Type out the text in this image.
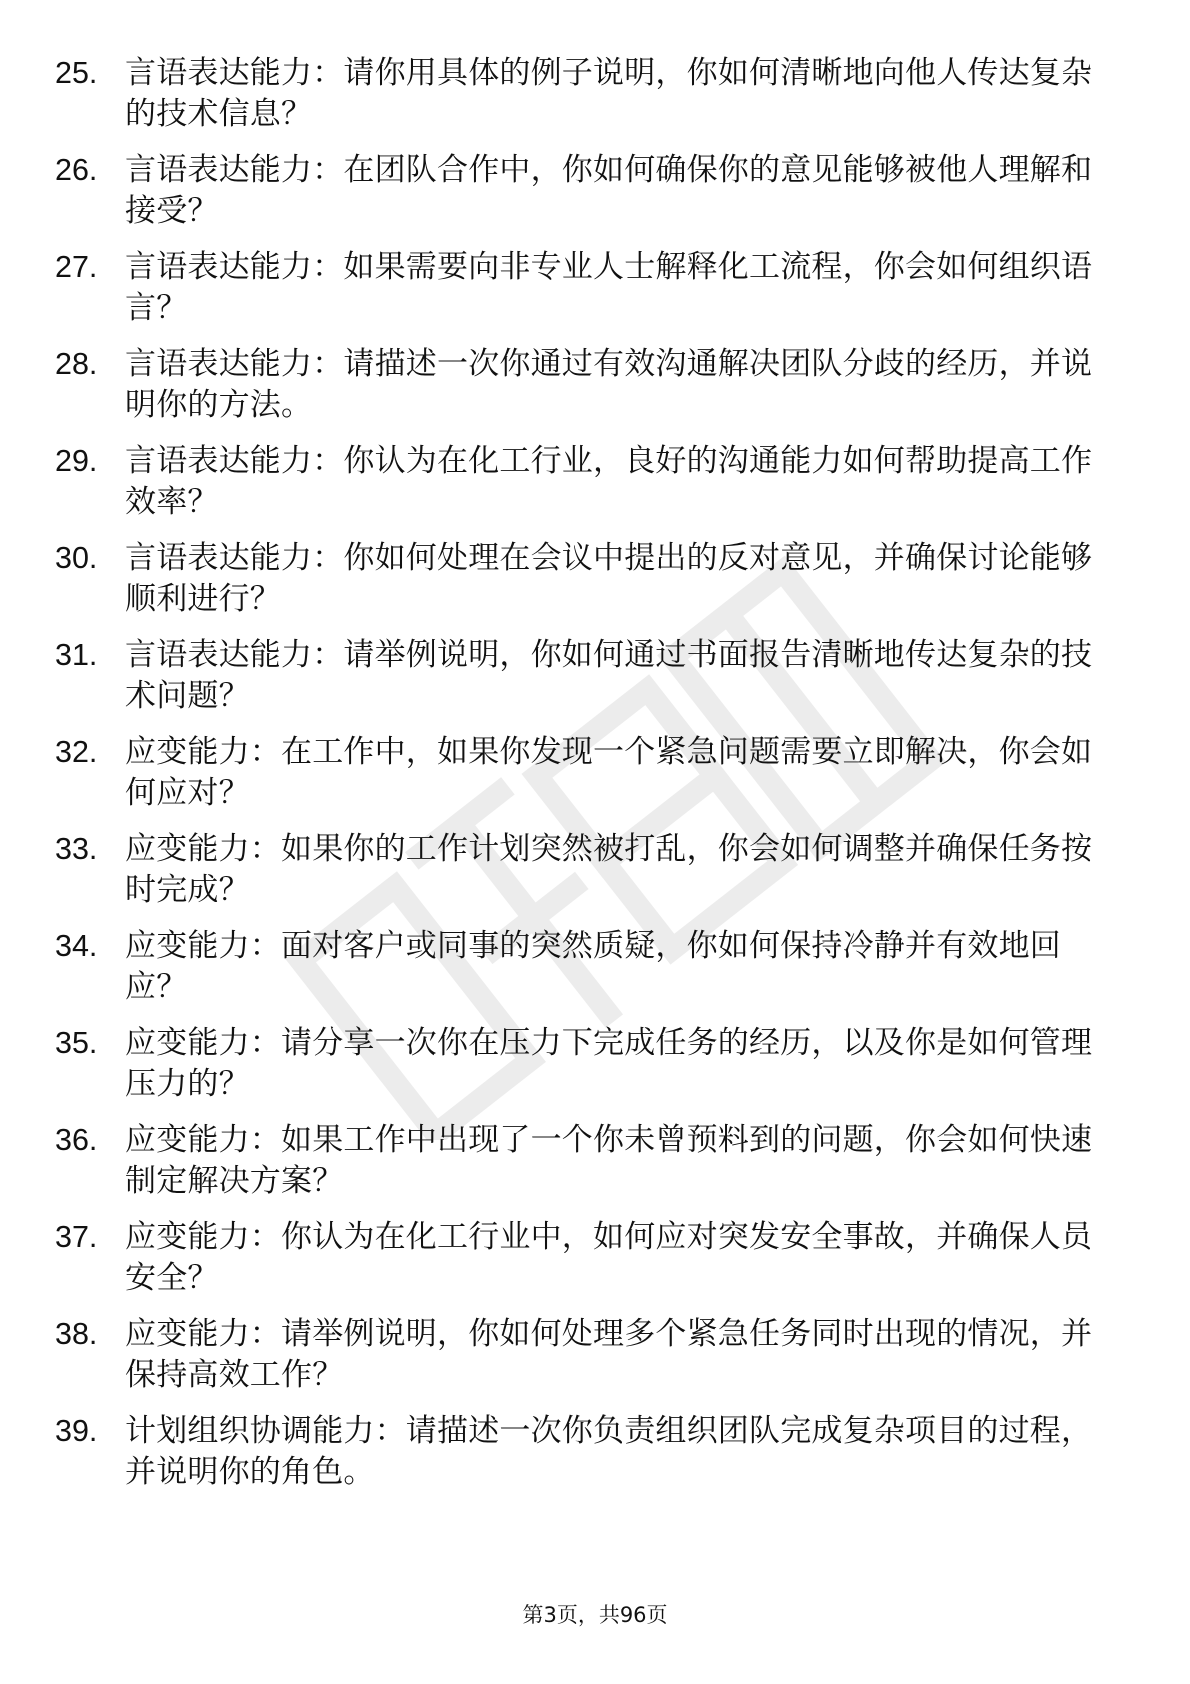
25. 言语表达能力：请你用具体的例子说明，你如何清晰地向他人传达复杂的技术信息？
26. 言语表达能力：在团队合作中，你如何确保你的意见能够被他人理解和接受？
27. 言语表达能力：如果需要向非专业人士解释化工流程，你会如何组织语言？
28. 言语表达能力：请描述一次你通过有效沟通解决团队分歧的经历，并说明你的方法。
29. 言语表达能力：你认为在化工行业，良好的沟通能力如何帮助提高工作效率？
30. 言语表达能力：你如何处理在会议中提出的反对意见，并确保讨论能够顺利进行？
31. 言语表达能力：请举例说明，你如何通过书面报告清晰地传达复杂的技术问题？
32. 应变能力：在工作中，如果你发现一个紧急问题需要立即解决，你会如何应对？
33. 应变能力：如果你的工作计划突然被打乱，你会如何调整并确保任务按时完成？
34. 应变能力：面对客户或同事的突然质疑，你如何保持冷静并有效地回应？
35. 应变能力：请分享一次你在压力下完成任务的经历，以及你是如何管理压力的？
36. 应变能力：如果工作中出现了一个你未曾预料到的问题，你会如何快速制定解决方案？
37. 应变能力：你认为在化工行业中，如何应对突发安全事故，并确保人员安全？
38. 应变能力：请举例说明，你如何处理多个紧急任务同时出现的情况，并保持高效工作？
39. 计划组织协调能力：请描述一次你负责组织团队完成复杂项目的过程，并说明你的角色。
第3页，共96页
